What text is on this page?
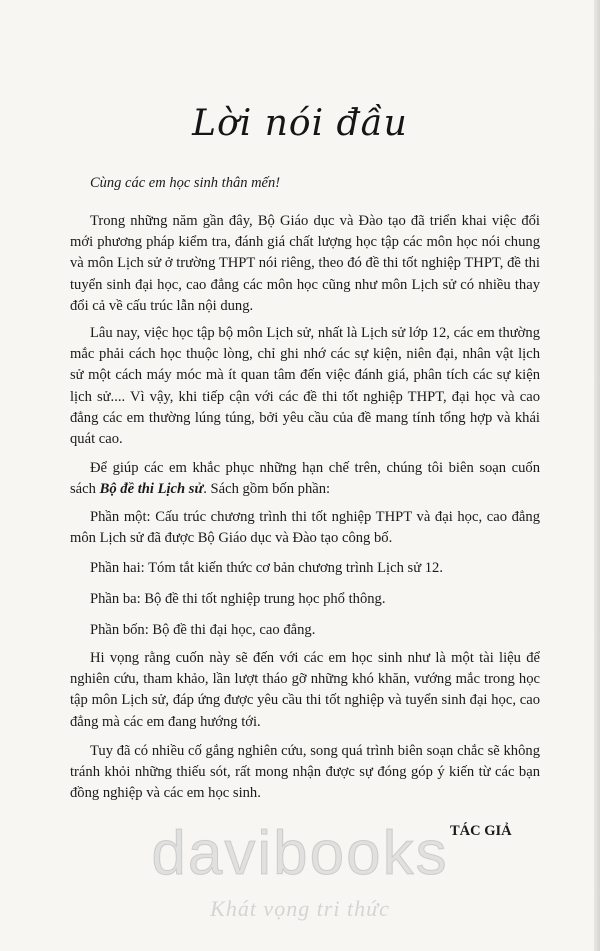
Lời nói đầu
Cùng các em học sinh thân mến!

Trong những năm gần đây, Bộ Giáo dục và Đào tạo đã triển khai việc đổi mới phương pháp kiểm tra, đánh giá chất lượng học tập các môn học nói chung và môn Lịch sử ở trường THPT nói riêng, theo đó đề thi tốt nghiệp THPT, đề thi tuyển sinh đại học, cao đẳng các môn học cũng như môn Lịch sử có nhiều thay đổi cả về cấu trúc lẫn nội dung.

Lâu nay, việc học tập bộ môn Lịch sử, nhất là Lịch sử lớp 12, các em thường mắc phải cách học thuộc lòng, chỉ ghi nhớ các sự kiện, niên đại, nhân vật lịch sử một cách máy móc mà ít quan tâm đến việc đánh giá, phân tích các sự kiện lịch sử.... Vì vậy, khi tiếp cận với các đề thi tốt nghiệp THPT, đại học và cao đẳng các em thường lúng túng, bởi yêu cầu của đề mang tính tổng hợp và khái quát cao.

Để giúp các em khắc phục những hạn chế trên, chúng tôi biên soạn cuốn sách Bộ đề thi Lịch sử. Sách gồm bốn phần:

Phần một: Cấu trúc chương trình thi tốt nghiệp THPT và đại học, cao đẳng môn Lịch sử đã được Bộ Giáo dục và Đào tạo công bố.

Phần hai: Tóm tắt kiến thức cơ bản chương trình Lịch sử 12.

Phần ba: Bộ đề thi tốt nghiệp trung học phổ thông.

Phần bốn: Bộ đề thi đại học, cao đẳng.

Hi vọng rằng cuốn này sẽ đến với các em học sinh như là một tài liệu để nghiên cứu, tham khảo, lần lượt tháo gỡ những khó khăn, vướng mắc trong học tập môn Lịch sử, đáp ứng được yêu cầu thi tốt nghiệp và tuyển sinh đại học, cao đẳng mà các em đang hướng tới.

Tuy đã có nhiều cố gắng nghiên cứu, song quá trình biên soạn chắc sẽ không tránh khỏi những thiếu sót, rất mong nhận được sự đóng góp ý kiến từ các bạn đồng nghiệp và các em học sinh.

TÁC GIẢ
davibooks
Khát vọng tri thức
